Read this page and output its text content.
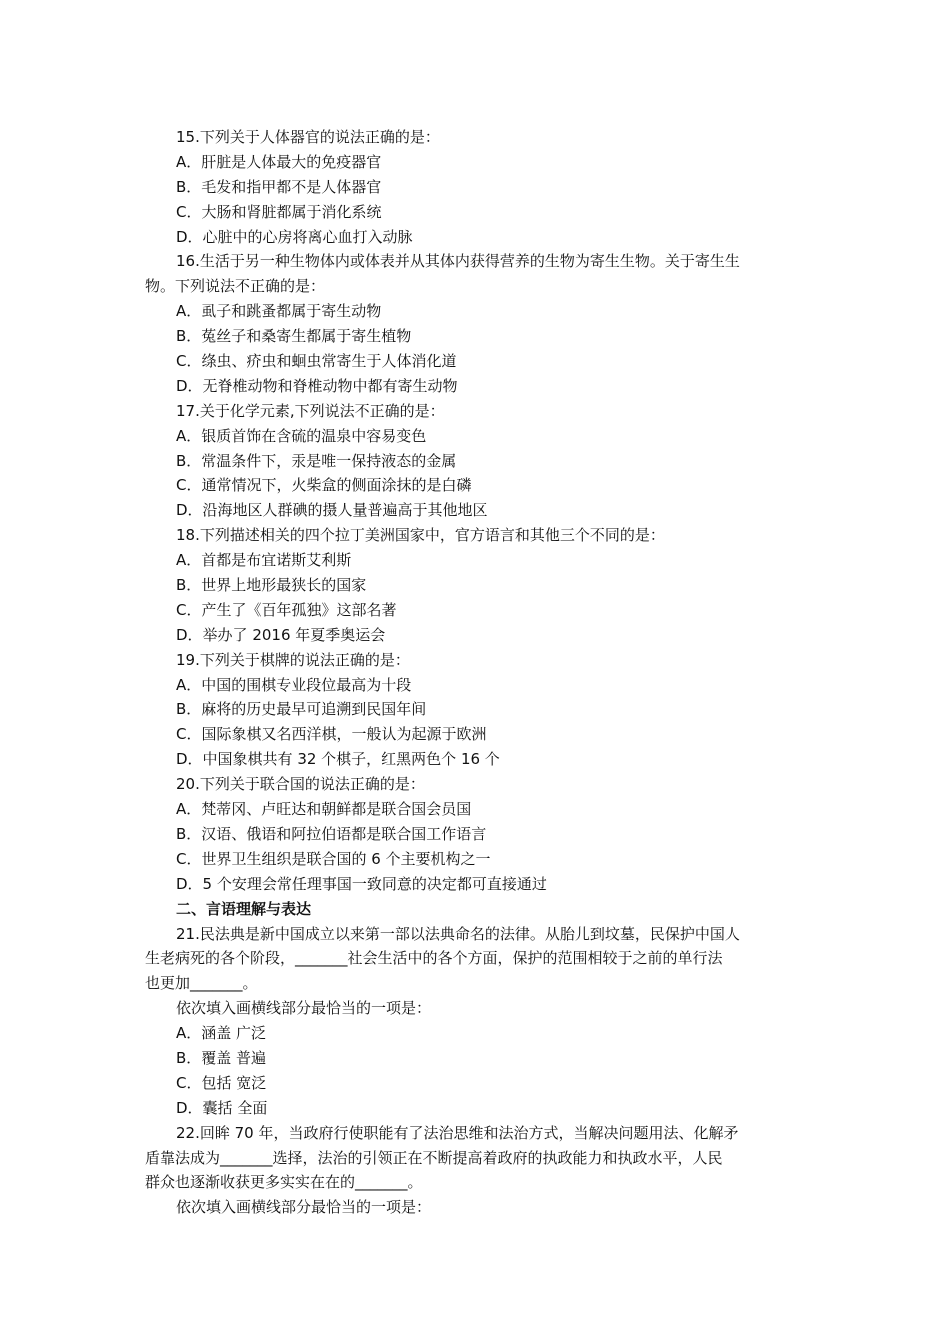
15.下列关于人体器官的说法正确的是：
A．肝脏是人体最大的免疫器官
B．毛发和指甲都不是人体器官
C．大肠和肾脏都属于消化系统
D．心脏中的心房将离心血打入动脉
16.生活于另一种生物体内或体表并从其体内获得营养的生物为寄生生物。关于寄生生
物。下列说法不正确的是：
A．虱子和跳蚤都属于寄生动物
B．菟丝子和桑寄生都属于寄生植物
C．绦虫、疥虫和蛔虫常寄生于人体消化道
D．无脊椎动物和脊椎动物中都有寄生动物
17.关于化学元素,下列说法不正确的是：
A．银质首饰在含硫的温泉中容易变色
B．常温条件下，汞是唯一保持液态的金属
C．通常情况下，火柴盒的侧面涂抹的是白磷
D．沿海地区人群碘的摄人量普遍高于其他地区
18.下列描述相关的四个拉丁美洲国家中，官方语言和其他三个不同的是：
A．首都是布宜诺斯艾利斯
B．世界上地形最狭长的国家
C．产生了《百年孤独》这部名著
D．举办了 2016 年夏季奥运会
19.下列关于棋牌的说法正确的是：
A．中国的围棋专业段位最高为十段
B．麻将的历史最早可追溯到民国年间
C．国际象棋又名西洋棋，一般认为起源于欧洲
D．中国象棋共有 32 个棋子，红黑两色个 16 个
20.下列关于联合国的说法正确的是：
A．梵蒂冈、卢旺达和朝鲜都是联合国会员国
B．汉语、俄语和阿拉伯语都是联合国工作语言
C．世界卫生组织是联合国的 6 个主要机构之一
D．5 个安理会常任理事国一致同意的决定都可直接通过
二、言语理解与表达
21.民法典是新中国成立以来第一部以法典命名的法律。从胎儿到坟墓，民保护中国人
生老病死的各个阶段，_______社会生活中的各个方面，保护的范围相较于之前的单行法
也更加_______。
依次填入画横线部分最恰当的一项是：
A．涵盖 广泛
B．覆盖 普遍
C．包括 宽泛
D．囊括 全面
22.回眸 70 年，当政府行使职能有了法治思维和法治方式，当解决问题用法、化解矛
盾靠法成为_______选择，法治的引领正在不断提高着政府的执政能力和执政水平，人民
群众也逐渐收获更多实实在在的_______。
依次填入画横线部分最恰当的一项是：
